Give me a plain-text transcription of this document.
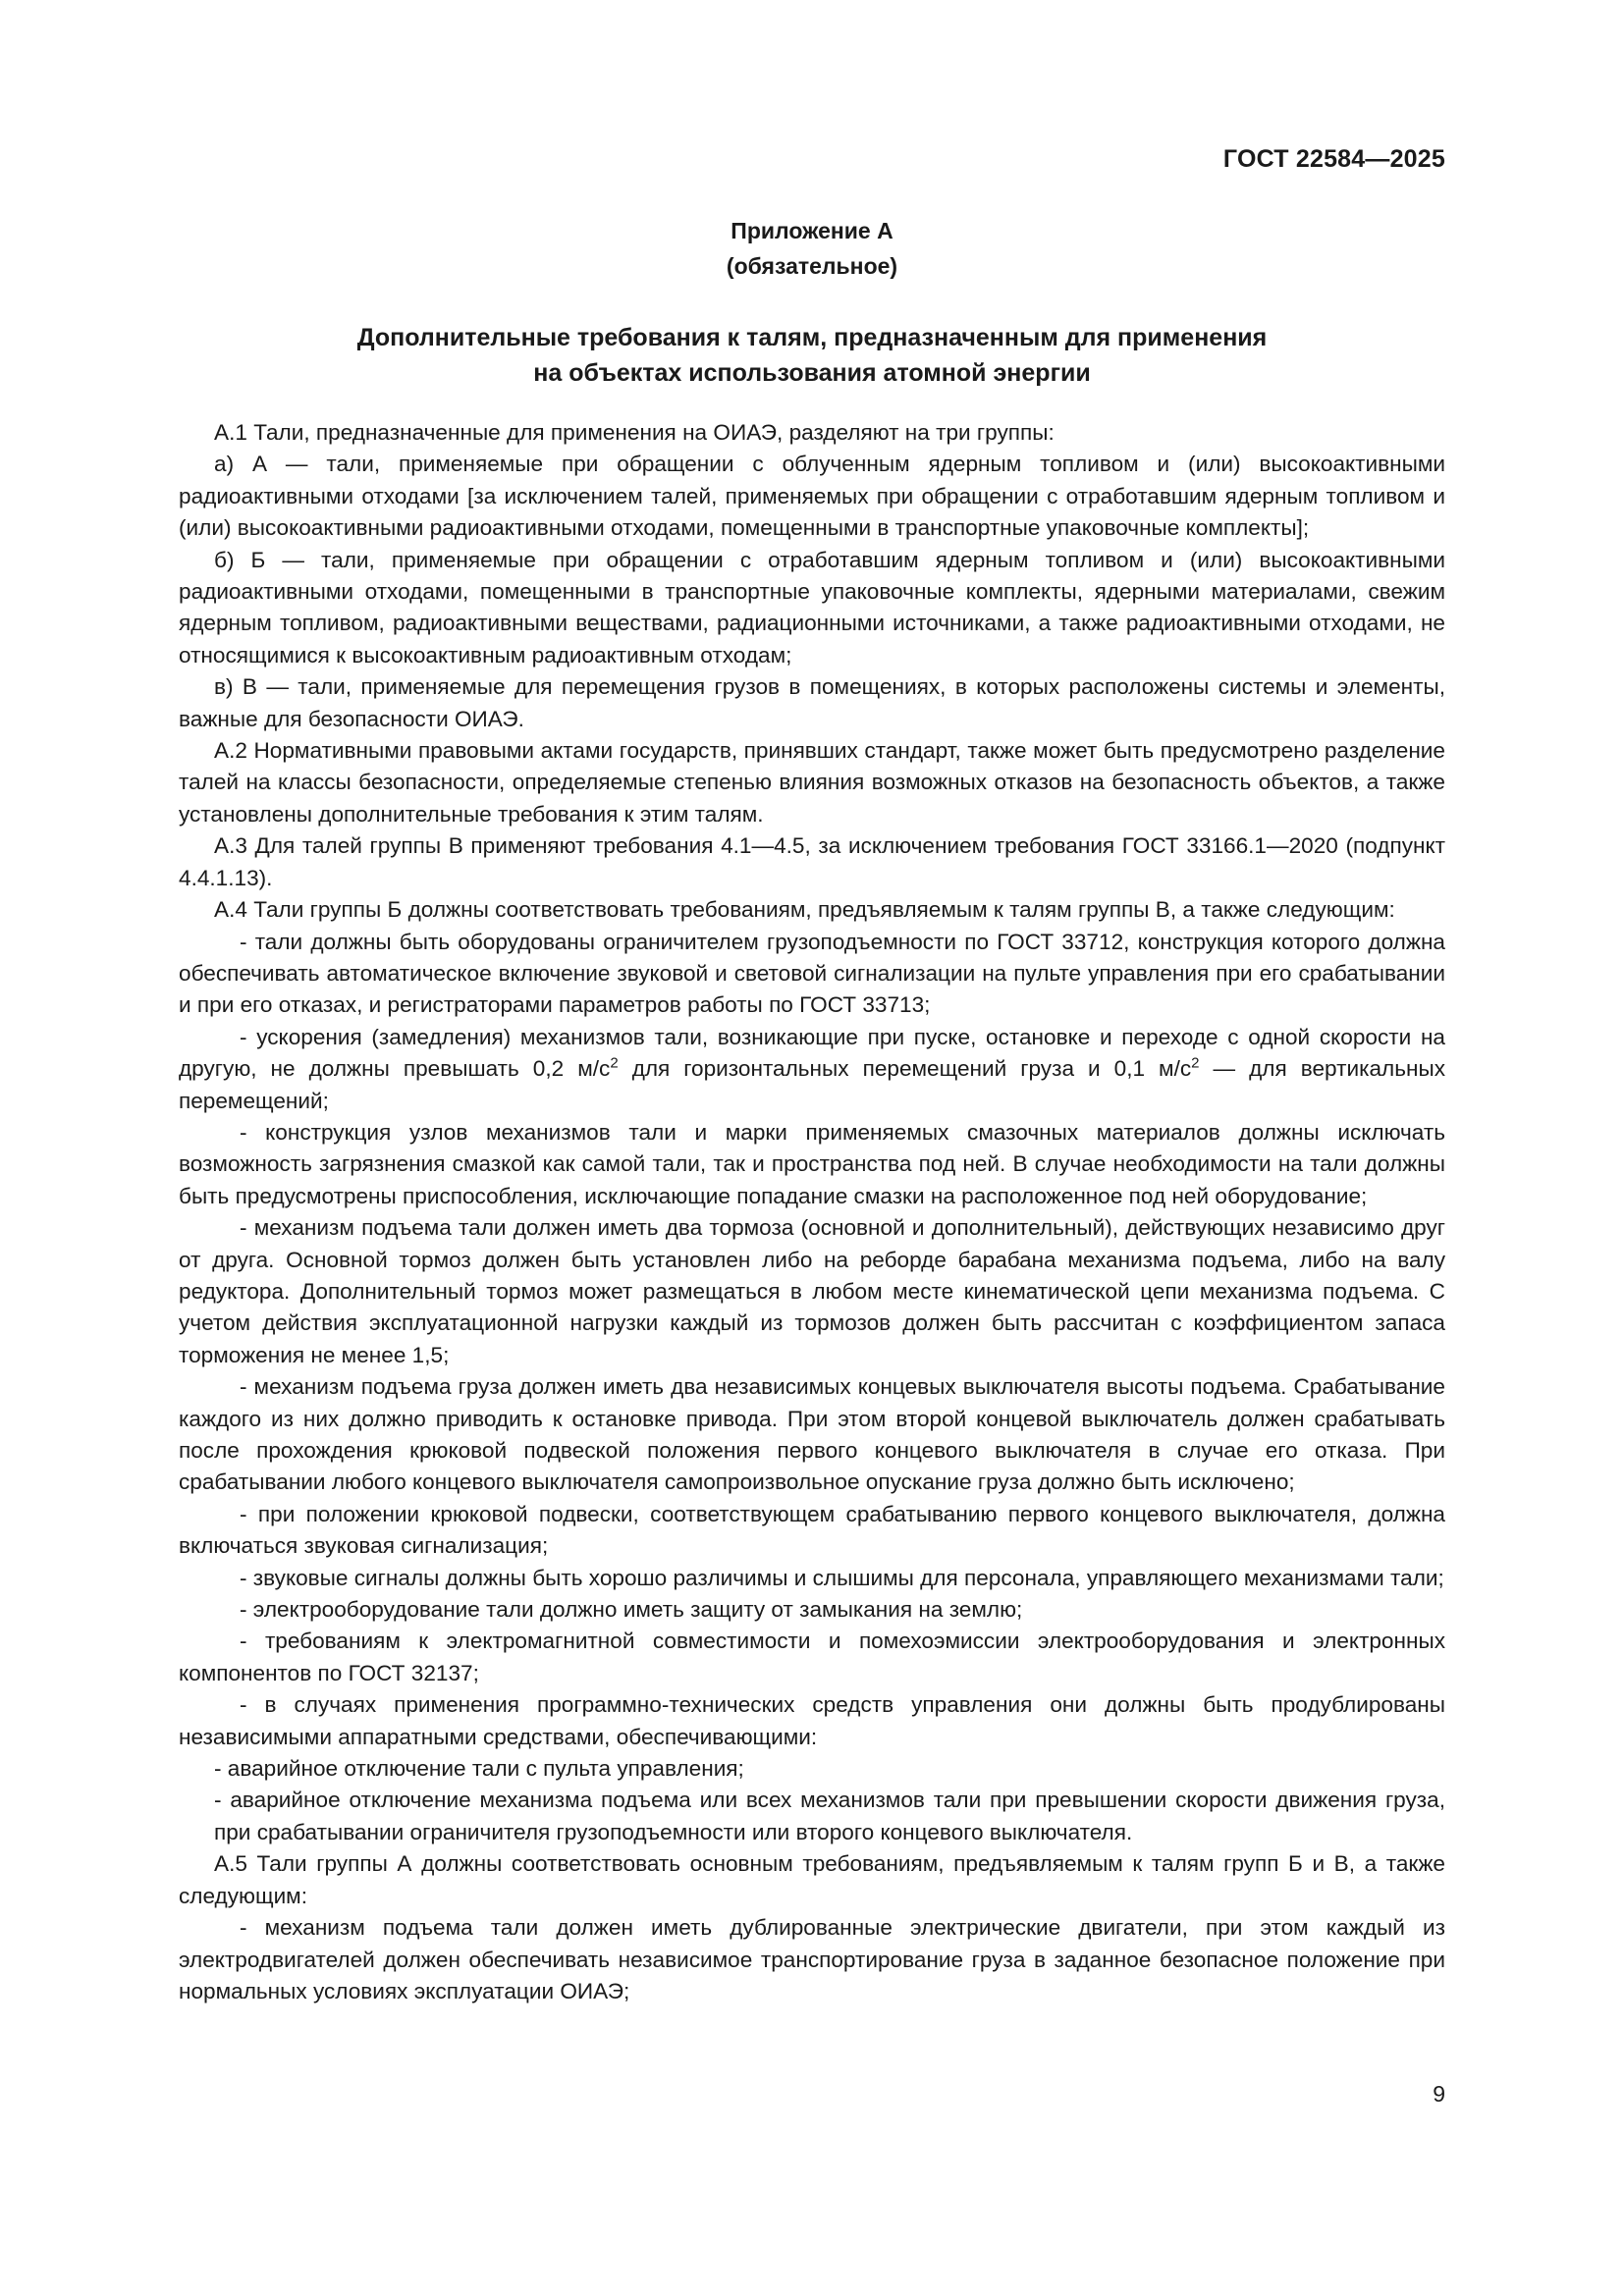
ГОСТ 22584—2025
Приложение А
(обязательное)
Дополнительные требования к талям, предназначенным для применения
на объектах использования атомной энергии

А.1 Тали, предназначенные для применения на ОИАЭ, разделяют на три группы:

а) А — тали, применяемые при обращении с облученным ядерным топливом и (или) высокоактивными радиоактивными отходами [за исключением талей, применяемых при обращении с отработавшим ядерным топливом и (или) высокоактивными радиоактивными отходами, помещенными в транспортные упаковочные комплекты];

б) Б — тали, применяемые при обращении с отработавшим ядерным топливом и (или) высокоактивными радиоактивными отходами, помещенными в транспортные упаковочные комплекты, ядерными материалами, свежим ядерным топливом, радиоактивными веществами, радиационными источниками, а также радиоактивными отходами, не относящимися к высокоактивным радиоактивным отходам;

в) В — тали, применяемые для перемещения грузов в помещениях, в которых расположены системы и элементы, важные для безопасности ОИАЭ.

А.2 Нормативными правовыми актами государств, принявших стандарт, также может быть предусмотрено разделение талей на классы безопасности, определяемые степенью влияния возможных отказов на безопасность объектов, а также установлены дополнительные требования к этим талям.

А.3 Для талей группы В применяют требования 4.1—4.5, за исключением требования ГОСТ 33166.1—2020 (подпункт 4.4.1.13).

А.4 Тали группы Б должны соответствовать требованиям, предъявляемым к талям группы В, а также следующим:

- тали должны быть оборудованы ограничителем грузоподъемности по ГОСТ 33712, конструкция которого должна обеспечивать автоматическое включение звуковой и световой сигнализации на пульте управления при его срабатывании и при его отказах, и регистраторами параметров работы по ГОСТ 33713;

- ускорения (замедления) механизмов тали, возникающие при пуске, остановке и переходе с одной скорости на другую, не должны превышать 0,2 $м/с^2$ для горизонтальных перемещений груза и 0,1 $м/с^2$ — для вертикальных перемещений;

- конструкция узлов механизмов тали и марки применяемых смазочных материалов должны исключать возможность загрязнения смазкой как самой тали, так и пространства под ней. В случае необходимости на тали должны быть предусмотрены приспособления, исключающие попадание смазки на расположенное под ней оборудование;

- механизм подъема тали должен иметь два тормоза (основной и дополнительный), действующих независимо друг от друга. Основной тормоз должен быть установлен либо на реборде барабана механизма подъема, либо на валу редуктора. Дополнительный тормоз может размещаться в любом месте кинематической цепи механизма подъема. С учетом действия эксплуатационной нагрузки каждый из тормозов должен быть рассчитан с коэффициентом запаса торможения не менее 1,5;

- механизм подъема груза должен иметь два независимых концевых выключателя высоты подъема. Срабатывание каждого из них должно приводить к остановке привода. При этом второй концевой выключатель должен срабатывать после прохождения крюковой подвеской положения первого концевого выключателя в случае его отказа. При срабатывании любого концевого выключателя самопроизвольное опускание груза должно быть исключено;

- при положении крюковой подвески, соответствующем срабатыванию первого концевого выключателя, должна включаться звуковая сигнализация;

- звуковые сигналы должны быть хорошо различимы и слышимы для персонала, управляющего механизмами тали;

- электрооборудование тали должно иметь защиту от замыкания на землю;

- требованиям к электромагнитной совместимости и помехоэмиссии электрооборудования и электронных компонентов по ГОСТ 32137;

- в случаях применения программно-технических средств управления они должны быть продублированы независимыми аппаратными средствами, обеспечивающими:

- аварийное отключение тали с пульта управления;

- аварийное отключение механизма подъема или всех механизмов тали при превышении скорости движения груза, при срабатывании ограничителя грузоподъемности или второго концевого выключателя.

А.5 Тали группы А должны соответствовать основным требованиям, предъявляемым к талям групп Б и В, а также следующим:

- механизм подъема тали должен иметь дублированные электрические двигатели, при этом каждый из электродвигателей должен обеспечивать независимое транспортирование груза в заданное безопасное положение при нормальных условиях эксплуатации ОИАЭ;

9
